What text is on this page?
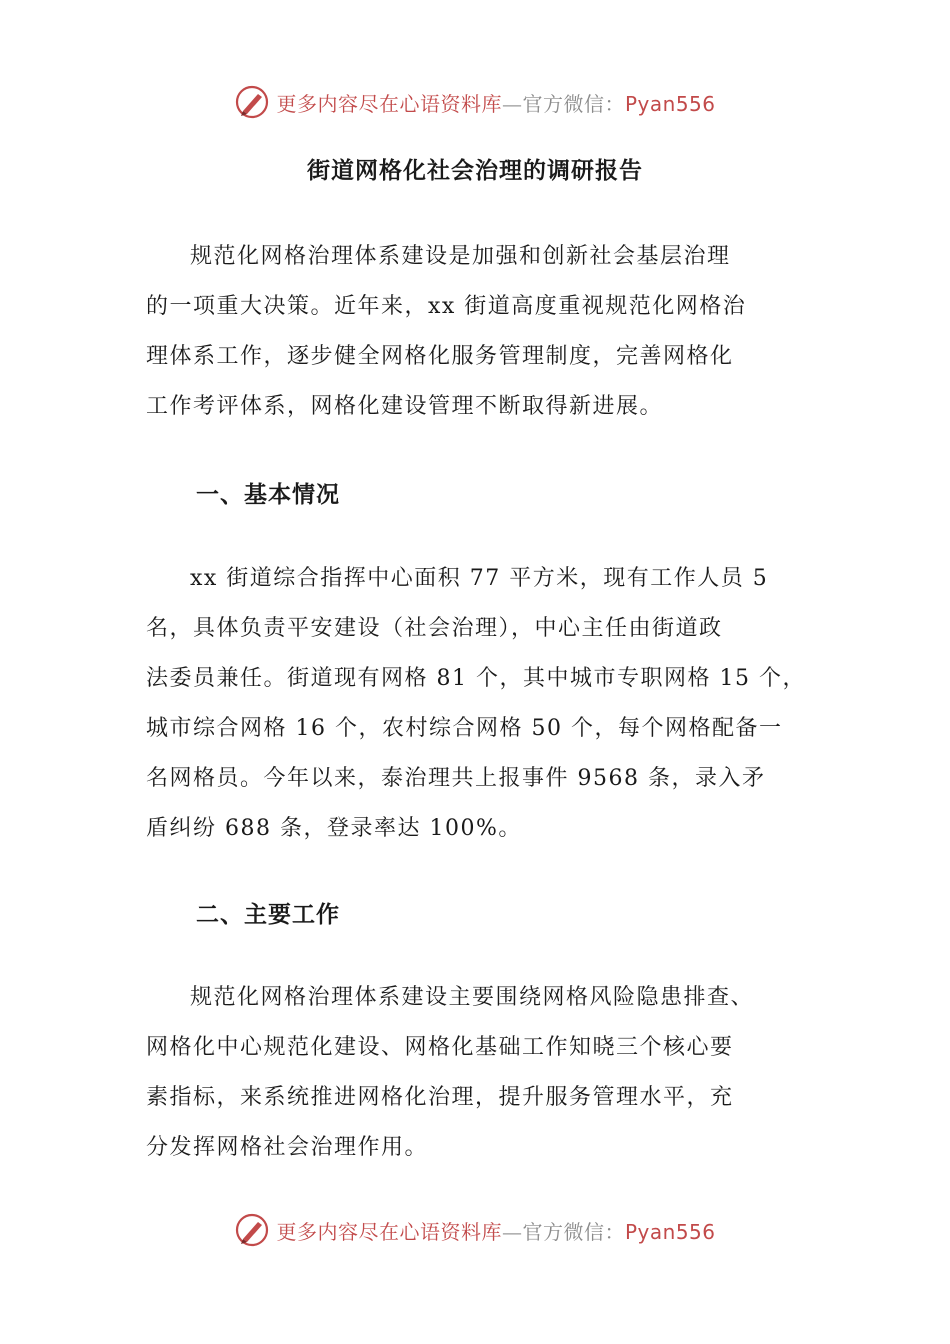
更多内容尽在心语资料库—官方微信：Pyan556
街道网格化社会治理的调研报告

规范化网格治理体系建设是加强和创新社会基层治理
的一项重大决策。近年来，xx 街道高度重视规范化网格治
理体系工作，逐步健全网格化服务管理制度，完善网格化
工作考评体系，网格化建设管理不断取得新进展。

一、基本情况

xx 街道综合指挥中心面积 77 平方米，现有工作人员 5
名，具体负责平安建设（社会治理），中心主任由街道政
法委员兼任。街道现有网格 81 个，其中城市专职网格 15 个，
城市综合网格 16 个，农村综合网格 50 个，每个网格配备一
名网格员。今年以来，泰治理共上报事件 9568 条，录入矛
盾纠纷 688 条，登录率达 100%。

二、主要工作

规范化网格治理体系建设主要围绕网格风险隐患排查、
网格化中心规范化建设、网格化基础工作知晓三个核心要
素指标，来系统推进网格化治理，提升服务管理水平，充
分发挥网格社会治理作用。

更多内容尽在心语资料库—官方微信：Pyan556
